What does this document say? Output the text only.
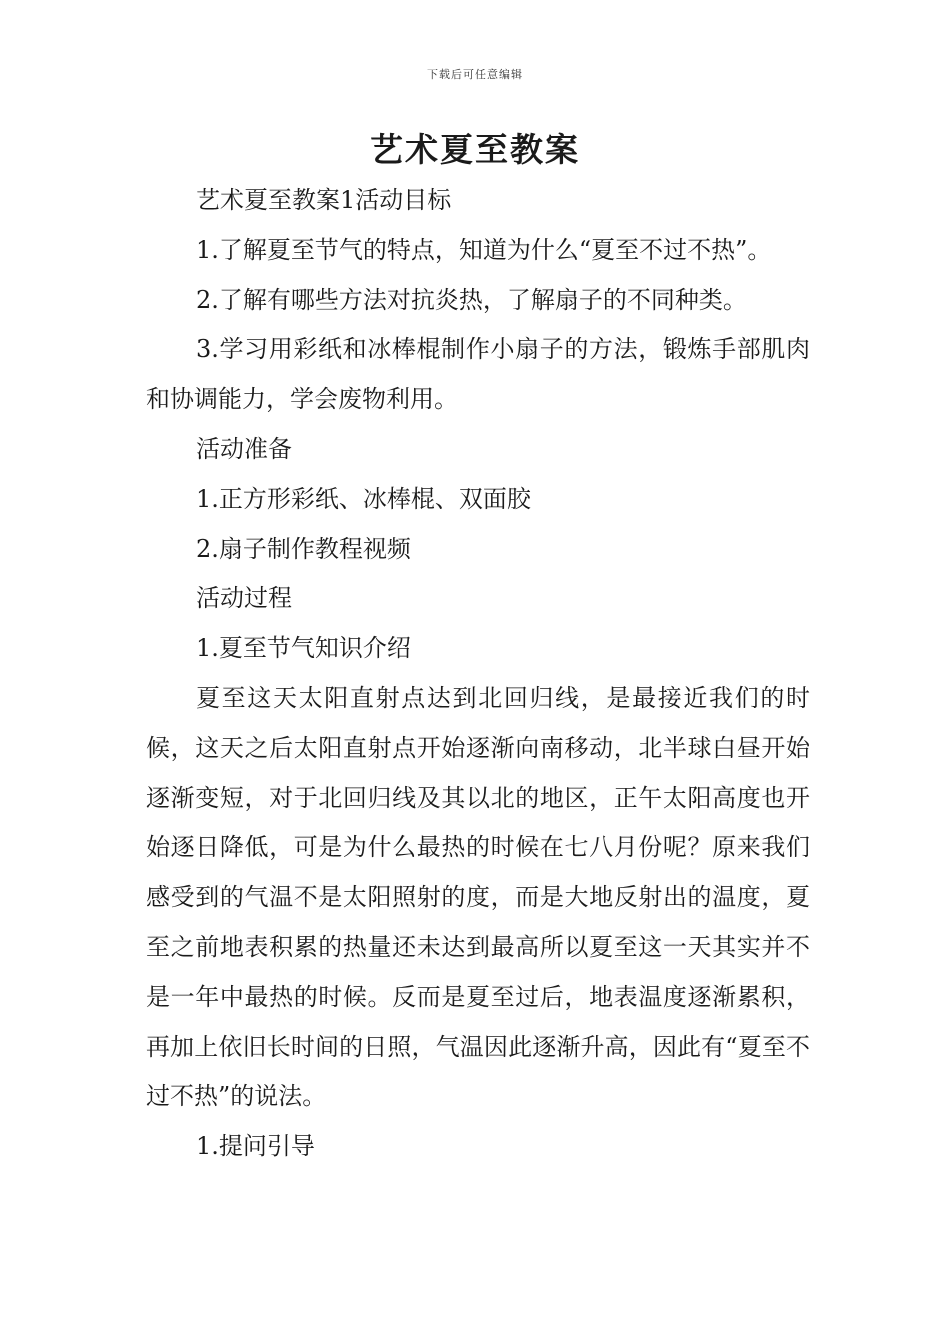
下载后可任意编辑
艺术夏至教案

艺术夏至教案1活动目标

1.了解夏至节气的特点，知道为什么“夏至不过不热”。

2.了解有哪些方法对抗炎热，了解扇子的不同种类。

3.学习用彩纸和冰棒棍制作小扇子的方法，锻炼手部肌肉和协调能力，学会废物利用。

活动准备

1.正方形彩纸、冰棒棍、双面胶

2.扇子制作教程视频

活动过程

1.夏至节气知识介绍

夏至这天太阳直射点达到北回归线，是最接近我们的时候，这天之后太阳直射点开始逐渐向南移动，北半球白昼开始逐渐变短，对于北回归线及其以北的地区，正午太阳高度也开始逐日降低，可是为什么最热的时候在七八月份呢？原来我们感受到的气温不是太阳照射的度，而是大地反射出的温度，夏至之前地表积累的热量还未达到最高所以夏至这一天其实并不是一年中最热的时候。反而是夏至过后，地表温度逐渐累积，再加上依旧长时间的日照，气温因此逐渐升高，因此有“夏至不过不热”的说法。

1.提问引导
